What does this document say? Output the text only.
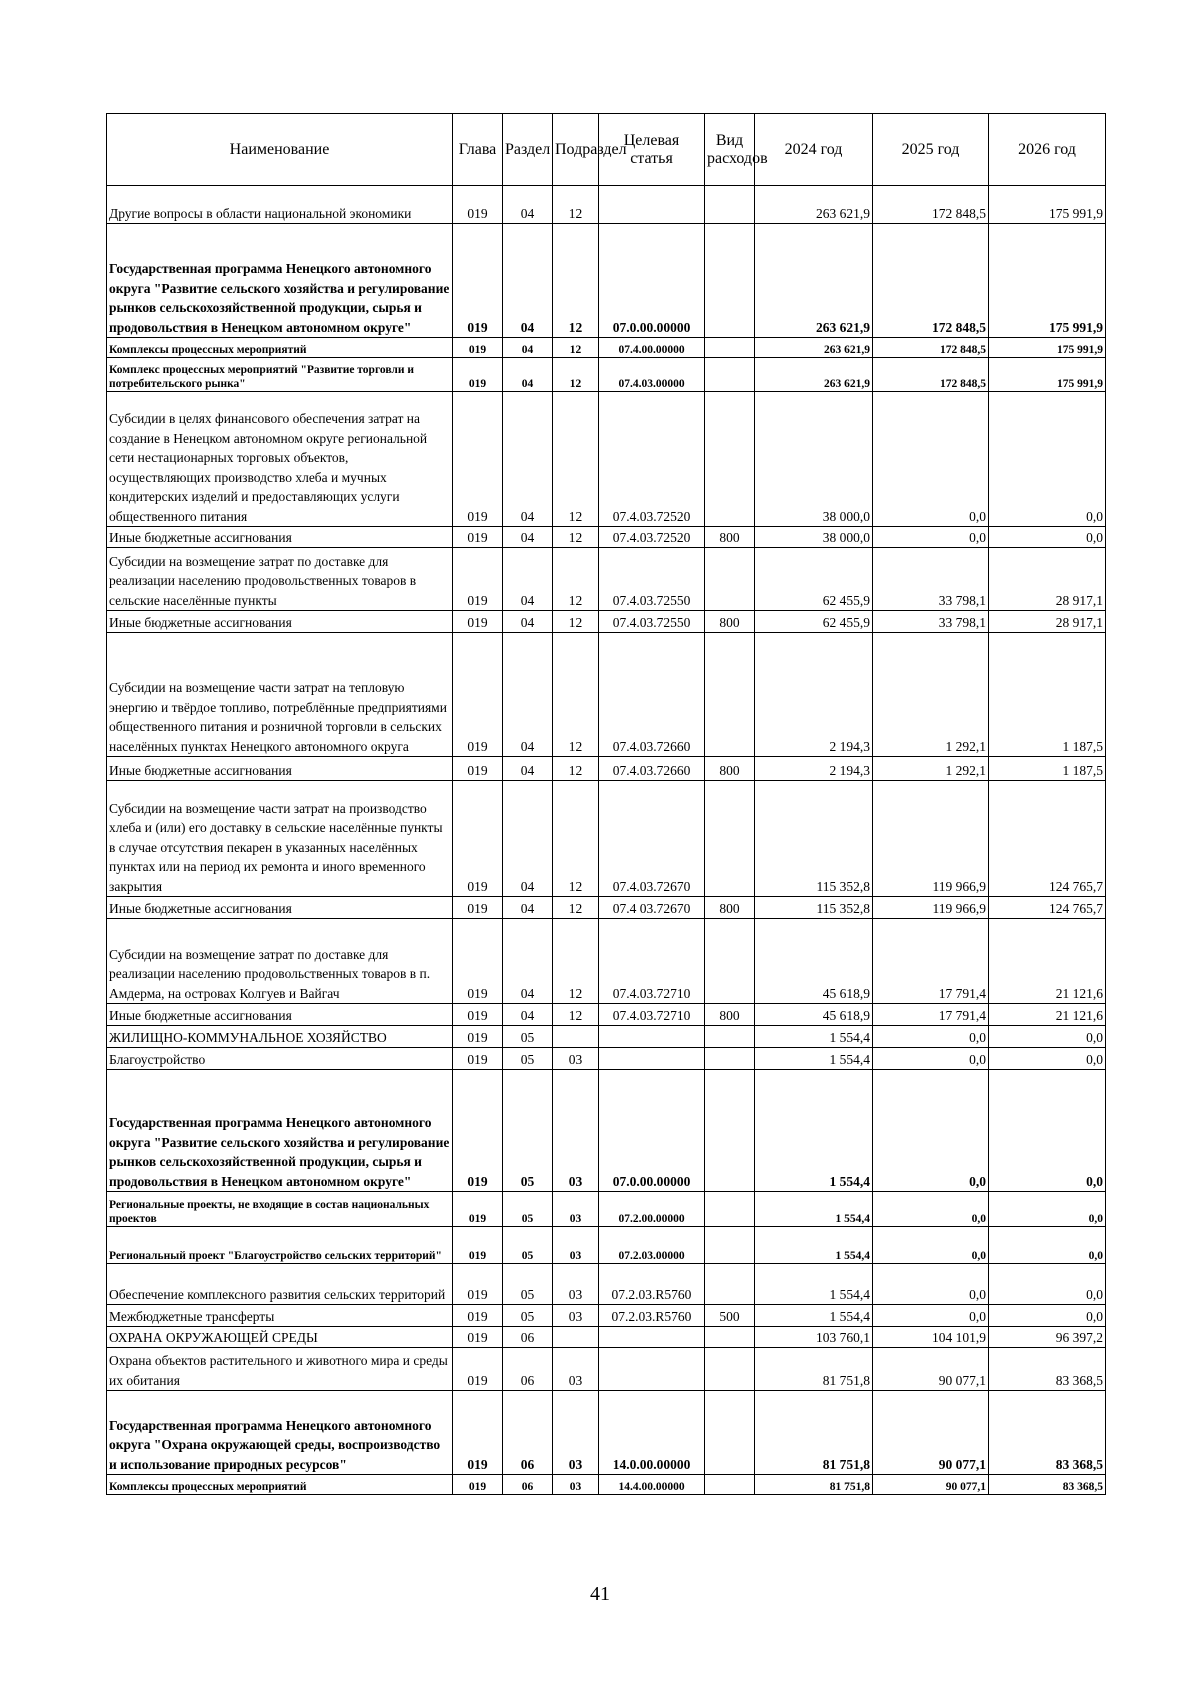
Наименование	Глава	Раздел	Подраздел	Целевая статья	Вид расходов	2024 год	2025 год	2026 год
Другие вопросы в области национальной экономики	019	04	12			263 621,9	172 848,5	175 991,9
Государственная программа Ненецкого автономного округа "Развитие сельского хозяйства и регулирование рынков сельскохозяйственной продукции, сырья и продовольствия в Ненецком автономном округе"	019	04	12	07.0.00.00000		263 621,9	172 848,5	175 991,9
Комплексы процессных мероприятий	019	04	12	07.4.00.00000		263 621,9	172 848,5	175 991,9
Комплекс процессных мероприятий "Развитие торговли и потребительского рынка"	019	04	12	07.4.03.00000		263 621,9	172 848,5	175 991,9
Субсидии в целях финансового обеспечения затрат на создание в Ненецком автономном округе региональной сети нестационарных торговых объектов, осуществляющих производство хлеба и мучных кондитерских изделий и предоставляющих услуги общественного питания	019	04	12	07.4.03.72520		38 000,0	0,0	0,0
Иные бюджетные ассигнования	019	04	12	07.4.03.72520	800	38 000,0	0,0	0,0
Субсидии на возмещение затрат по доставке для реализации населению продовольственных товаров в сельские населённые пункты	019	04	12	07.4.03.72550		62 455,9	33 798,1	28 917,1
Иные бюджетные ассигнования	019	04	12	07.4.03.72550	800	62 455,9	33 798,1	28 917,1
Субсидии на возмещение части затрат на тепловую энергию и твёрдое топливо, потреблённые предприятиями общественного питания и розничной торговли в сельских населённых пунктах Ненецкого автономного округа	019	04	12	07.4.03.72660		2 194,3	1 292,1	1 187,5
Иные бюджетные ассигнования	019	04	12	07.4.03.72660	800	2 194,3	1 292,1	1 187,5
Субсидии на возмещение части затрат на производство хлеба и (или) его доставку в сельские населённые пункты в случае отсутствия пекарен в указанных населённых пунктах или на период их ремонта и иного временного закрытия	019	04	12	07.4.03.72670		115 352,8	119 966,9	124 765,7
Иные бюджетные ассигнования	019	04	12	07.4 03.72670	800	115 352,8	119 966,9	124 765,7
Субсидии на возмещение затрат по доставке для реализации населению продовольственных товаров в п. Амдерма, на островах Колгуев и Вайгач	019	04	12	07.4.03.72710		45 618,9	17 791,4	21 121,6
Иные бюджетные ассигнования	019	04	12	07.4.03.72710	800	45 618,9	17 791,4	21 121,6
ЖИЛИЩНО-КОММУНАЛЬНОЕ ХОЗЯЙСТВО	019	05				1 554,4	0,0	0,0
Благоустройство	019	05	03			1 554,4	0,0	0,0
Государственная программа Ненецкого автономного округа "Развитие сельского хозяйства и регулирование рынков сельскохозяйственной продукции, сырья и продовольствия в Ненецком автономном округе"	019	05	03	07.0.00.00000		1 554,4	0,0	0,0
Региональные проекты, не входящие в состав национальных проектов	019	05	03	07.2.00.00000		1 554,4	0,0	0,0
Региональный проект "Благоустройство сельских территорий"	019	05	03	07.2.03.00000		1 554,4	0,0	0,0
Обеспечение комплексного развития сельских территорий	019	05	03	07.2.03.R5760		1 554,4	0,0	0,0
Межбюджетные трансферты	019	05	03	07.2.03.R5760	500	1 554,4	0,0	0,0
ОХРАНА ОКРУЖАЮЩЕЙ СРЕДЫ	019	06				103 760,1	104 101,9	96 397,2
Охрана объектов растительного и животного мира и среды их обитания	019	06	03			81 751,8	90 077,1	83 368,5
Государственная программа Ненецкого автономного округа "Охрана окружающей среды, воспроизводство и использование природных ресурсов"	019	06	03	14.0.00.00000		81 751,8	90 077,1	83 368,5
Комплексы процессных мероприятий	019	06	03	14.4.00.00000		81 751,8	90 077,1	83 368,5
41
